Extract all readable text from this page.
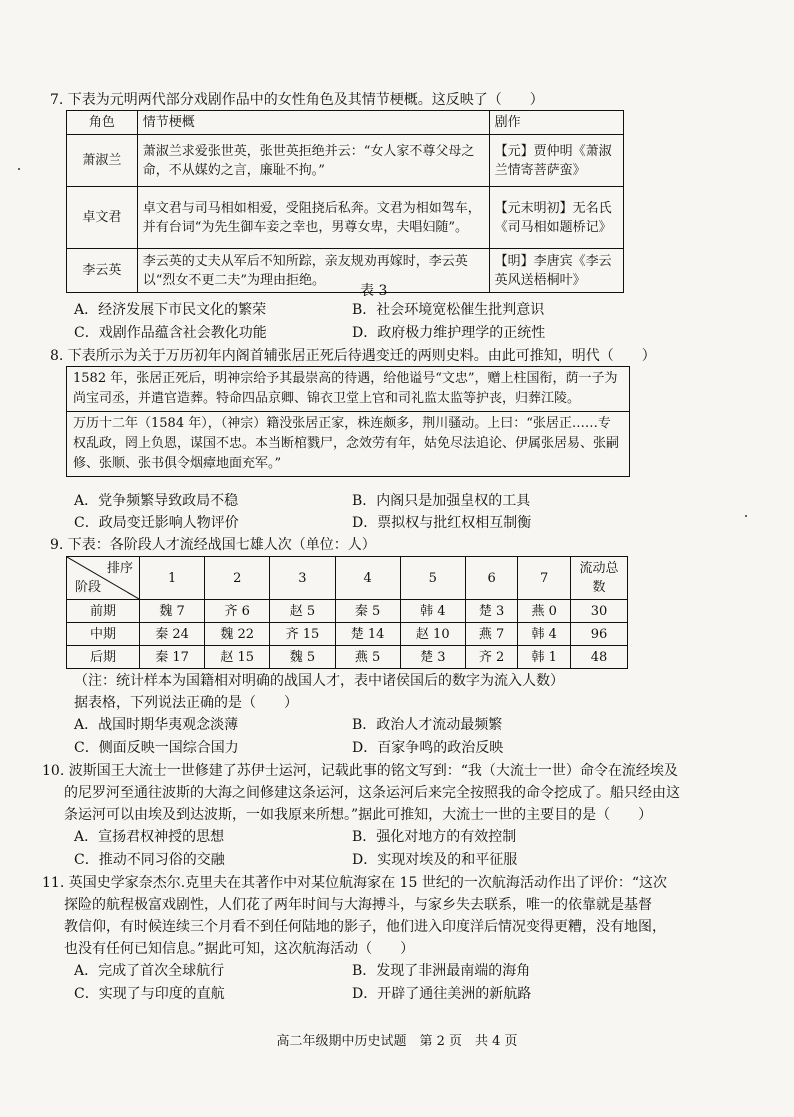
7. 下表为元明两代部分戏剧作品中的女性角色及其情节梗概。这反映了（　　）
角色	情节梗概	剧作
萧淑兰	萧淑兰求爱张世英，张世英拒绝并云：“女人家不尊父母之命，不从媒妁之言，廉耻不拘。”	【元】贾仲明《萧淑兰情寄菩萨蛮》
卓文君	卓文君与司马相如相爱，受阻挠后私奔。文君为相如驾车，并有台词“为先生御车妾之幸也，男尊女卑，夫唱妇随”。	【元末明初】无名氏《司马相如题桥记》
李云英	李云英的丈夫从军后不知所踪，亲友规劝再嫁时，李云英以“烈女不更二夫”为理由拒绝。	【明】李唐宾《李云英风送梧桐叶》
表 3
A．经济发展下市民文化的繁荣	B．社会环境宽松催生批判意识
C．戏剧作品蕴含社会教化功能	D．政府极力维护理学的正统性
8. 下表所示为关于万历初年内阁首辅张居正死后待遇变迁的两则史料。由此可推知，明代（　　）
1582 年，张居正死后，明神宗给予其最崇高的待遇，给他谥号“文忠”，赠上柱国衔，荫一子为尚宝司丞，并遣官造葬。特命四品京卿、锦衣卫堂上官和司礼监太监等护丧，归葬江陵。
万历十二年（1584 年），（神宗）籍没张居正家，株连颇多，荆川骚动。上曰：“张居正……专权乱政，罔上负恩，谋国不忠。本当断棺戮尸，念效劳有年，姑免尽法追论、伊属张居易、张嗣修、张顺、张书俱令烟瘴地面充军。”
A．党争频繁导致政局不稳	B．内阁只是加强皇权的工具
C．政局变迁影响人物评价	D．票拟权与批红权相互制衡
9. 下表：各阶段人才流经战国七雄人次（单位：人）
排序
阶段	1	2	3	4	5	6	7	流动总数
前期	魏 7	齐 6	赵 5	秦 5	韩 4	楚 3	燕 0	30
中期	秦 24	魏 22	齐 15	楚 14	赵 10	燕 7	韩 4	96
后期	秦 17	赵 15	魏 5	燕 5	楚 3	齐 2	韩 1	48
（注：统计样本为国籍相对明确的战国人才，表中诸侯国后的数字为流入人数）
据表格，下列说法正确的是（　　）
A．战国时期华夷观念淡薄	B．政治人才流动最频繁
C．侧面反映一国综合国力	D．百家争鸣的政治反映
10. 波斯国王大流士一世修建了苏伊士运河，记载此事的铭文写到：“我（大流士一世）命令在流经埃及
的尼罗河至通往波斯的大海之间修建这条运河，这条运河后来完全按照我的命令挖成了。船只经由这
条运河可以由埃及到达波斯，一如我原来所想。”据此可推知，大流士一世的主要目的是（　　）
A．宣扬君权神授的思想	B．强化对地方的有效控制
C．推动不同习俗的交融	D．实现对埃及的和平征服
11. 英国史学家奈杰尔.克里夫在其著作中对某位航海家在 15 世纪的一次航海活动作出了评价：“这次
探险的航程极富戏剧性，人们花了两年时间与大海搏斗，与家乡失去联系，唯一的依靠就是基督
教信仰，有时候连续三个月看不到任何陆地的影子，他们进入印度洋后情况变得更糟，没有地图，
也没有任何已知信息。”据此可知，这次航海活动（　　）
A．完成了首次全球航行	B．发现了非洲最南端的海角
C．实现了与印度的直航	D．开辟了通往美洲的新航路
高二年级期中历史试题　第 2 页　共 4 页
